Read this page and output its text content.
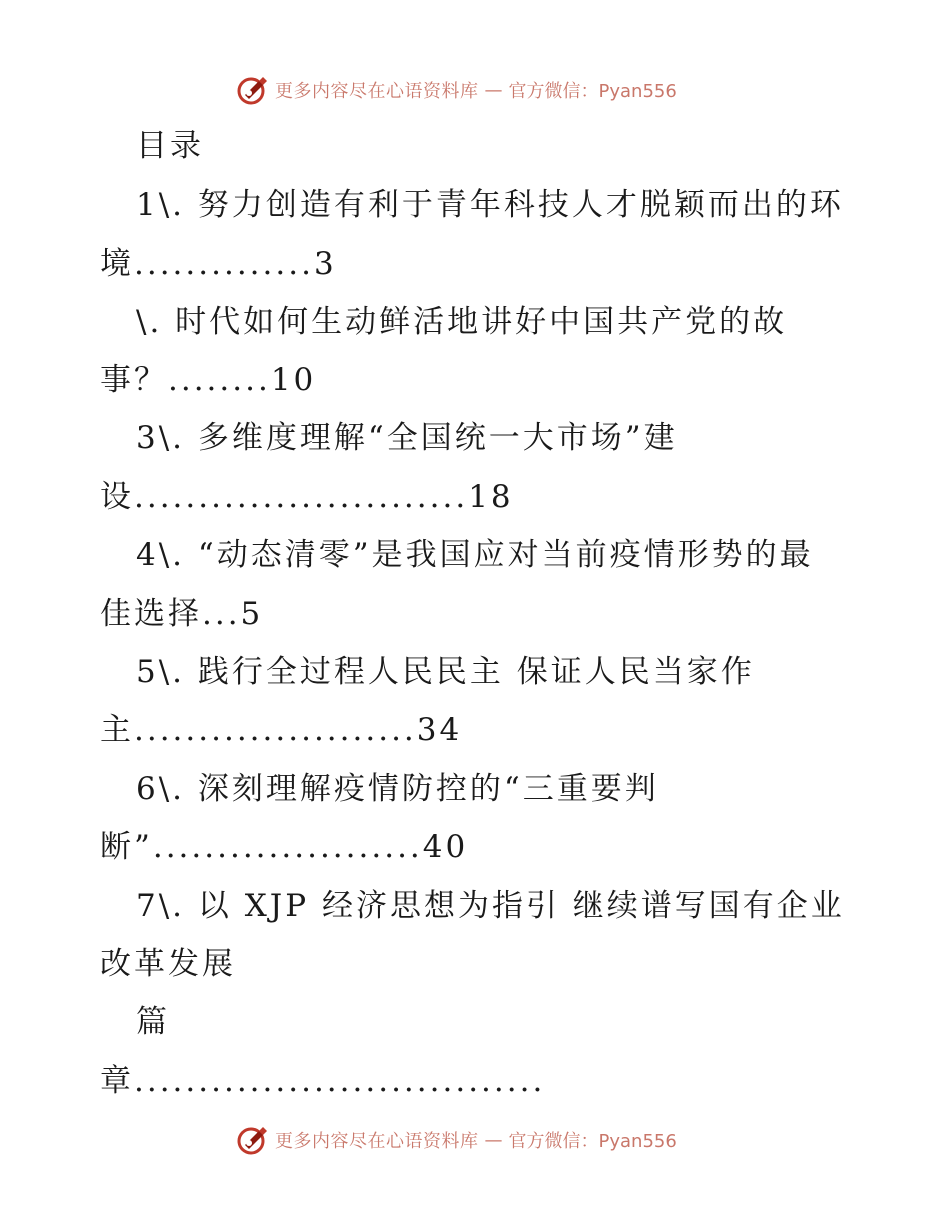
更多内容尽在心语资料库 — 官方微信：Pyan556
目录
1\. 努力创造有利于青年科技人才脱颖而出的环
境..............3
\. 时代如何生动鲜活地讲好中国共产党的故
事？........10
3\. 多维度理解“全国统一大市场”建
设..........................18
4\. “动态清零”是我国应对当前疫情形势的最
佳选择...5
5\. 践行全过程人民民主 保证人民当家作
主......................34
6\. 深刻理解疫情防控的“三重要判
断”.....................40
7\. 以 XJP 经济思想为指引 继续谱写国有企业
改革发展
篇
章................................
更多内容尽在心语资料库 — 官方微信：Pyan556
